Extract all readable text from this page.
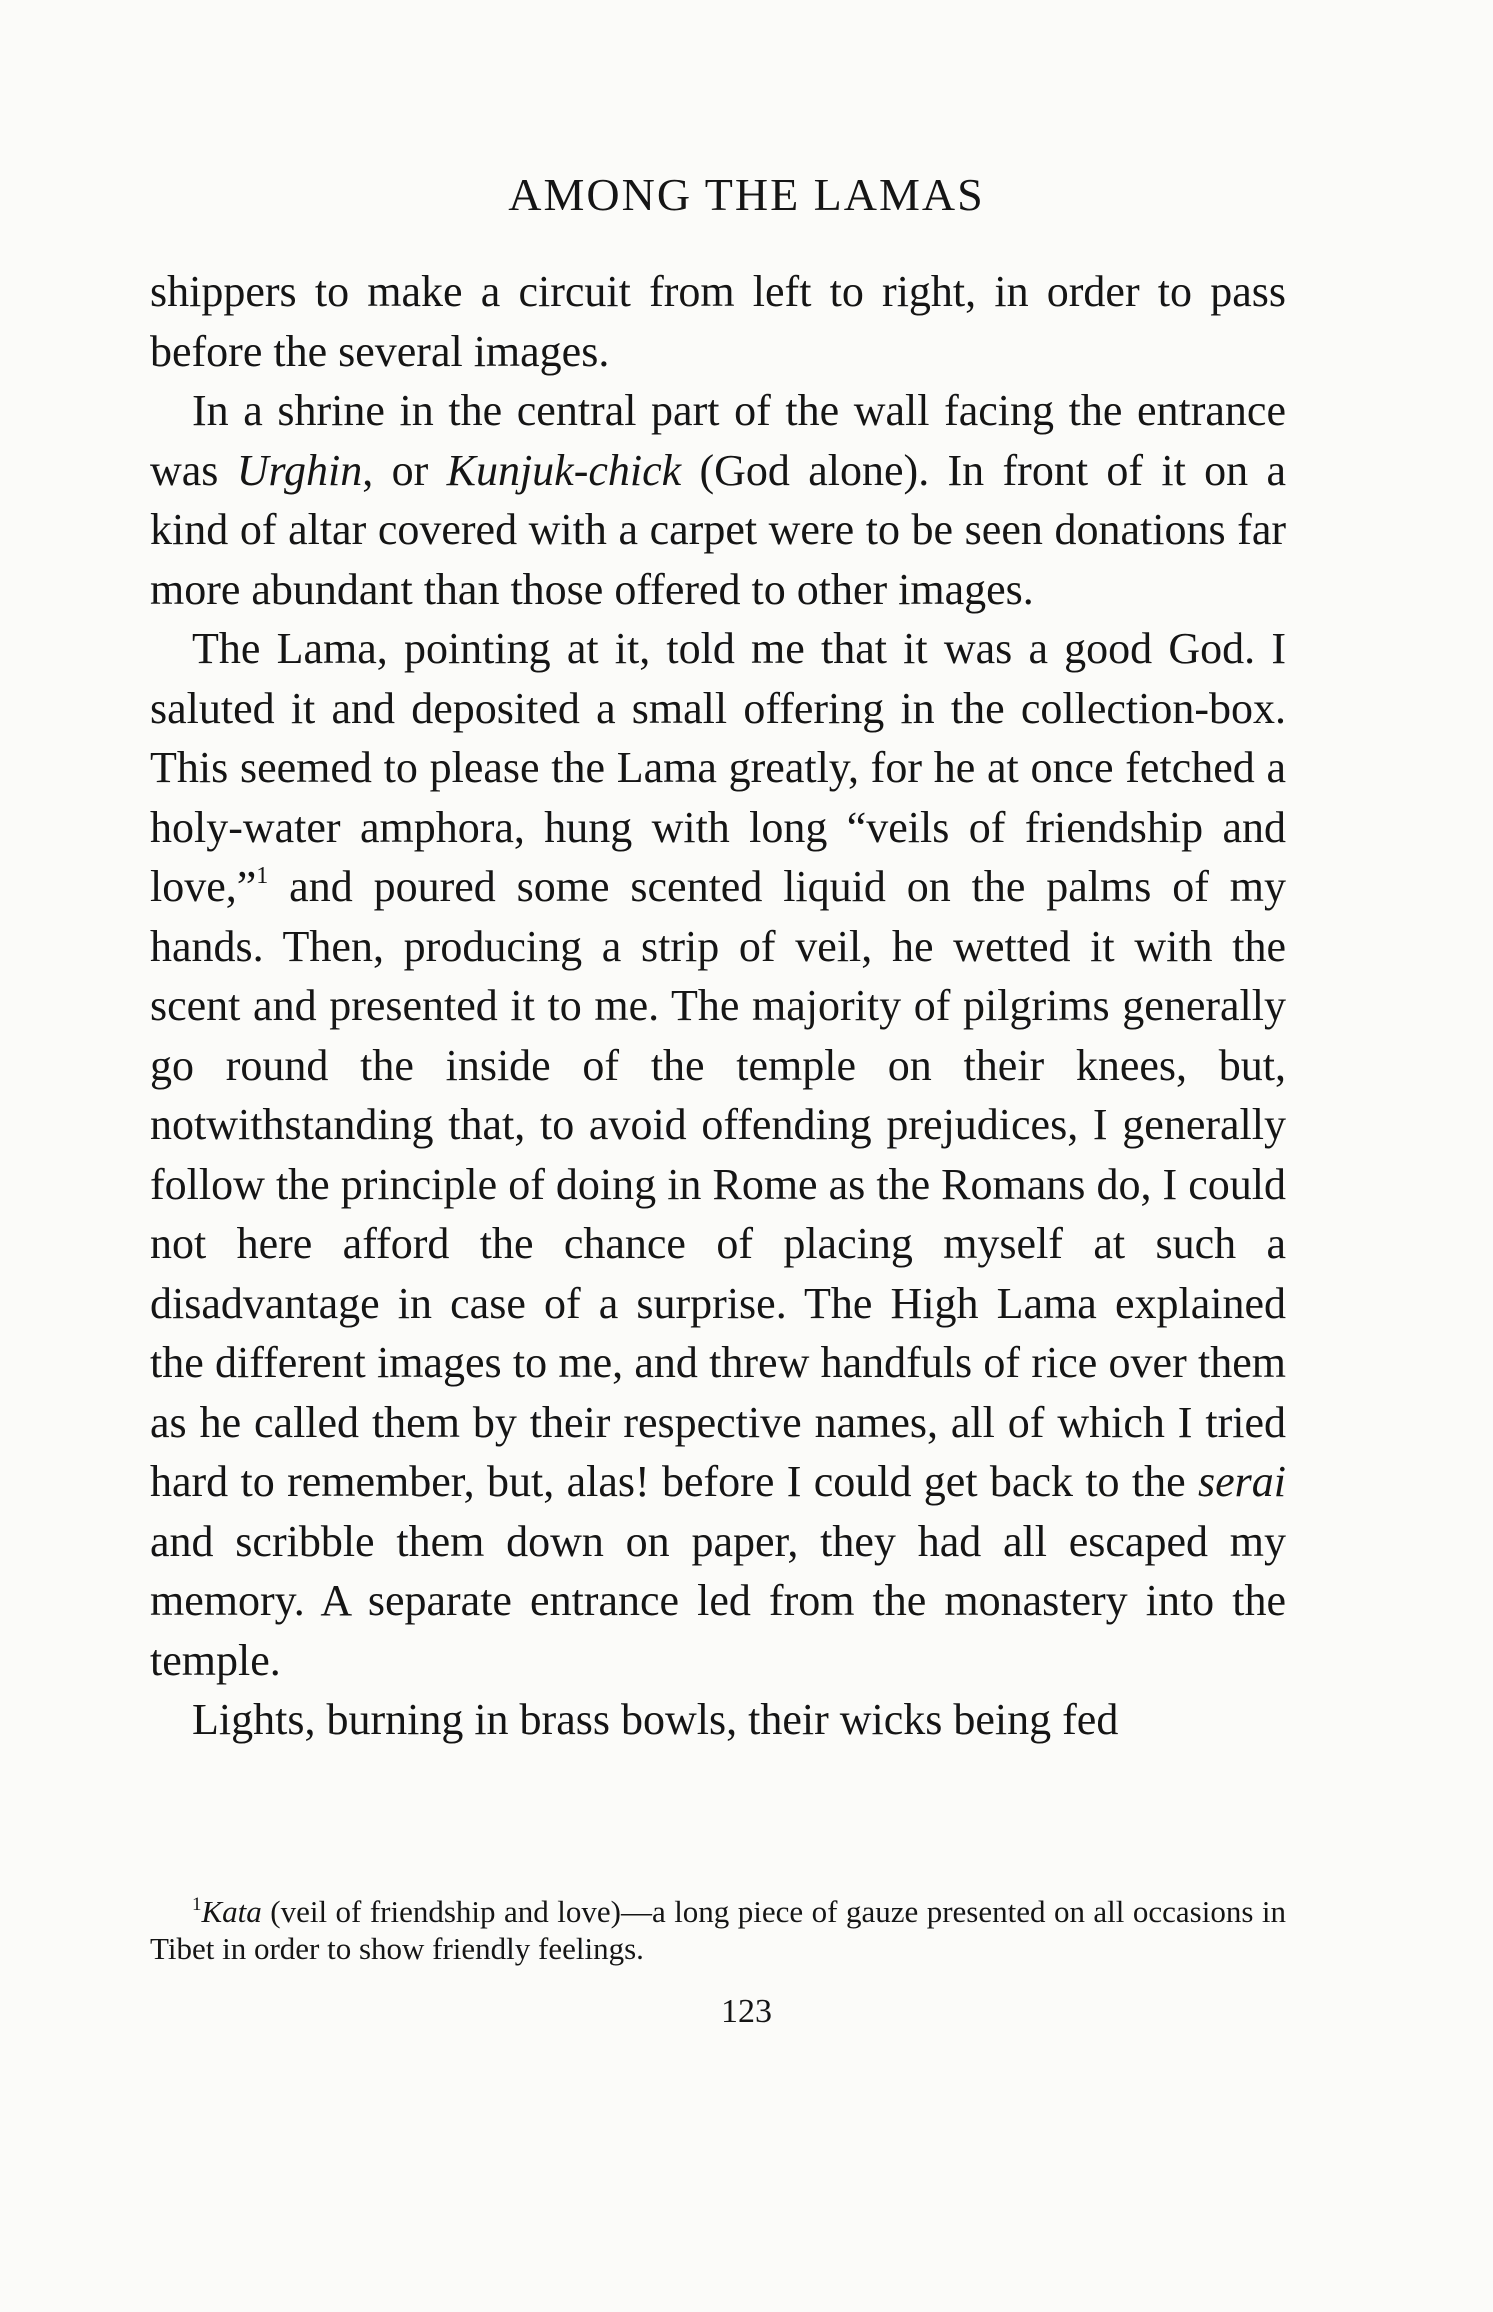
AMONG THE LAMAS

shippers to make a circuit from left to right, in order to pass before the several images.

In a shrine in the central part of the wall facing the entrance was Urghin, or Kunjuk-chick (God alone). In front of it on a kind of altar covered with a carpet were to be seen donations far more abundant than those offered to other images.

The Lama, pointing at it, told me that it was a good God. I saluted it and deposited a small offering in the collection-box. This seemed to please the Lama greatly, for he at once fetched a holy-water amphora, hung with long “veils of friendship and love,”$^1$ and poured some scented liquid on the palms of my hands. Then, producing a strip of veil, he wetted it with the scent and presented it to me. The majority of pilgrims generally go round the inside of the temple on their knees, but, notwithstanding that, to avoid offending prejudices, I generally follow the principle of doing in Rome as the Romans do, I could not here afford the chance of placing myself at such a disadvantage in case of a surprise. The High Lama explained the different images to me, and threw handfuls of rice over them as he called them by their respective names, all of which I tried hard to remember, but, alas! before I could get back to the serai and scribble them down on paper, they had all escaped my memory. A separate entrance led from the monastery into the temple.

Lights, burning in brass bowls, their wicks being fed

$^1$Kata (veil of friendship and love)—a long piece of gauze presented on all occasions in Tibet in order to show friendly feelings.

123
